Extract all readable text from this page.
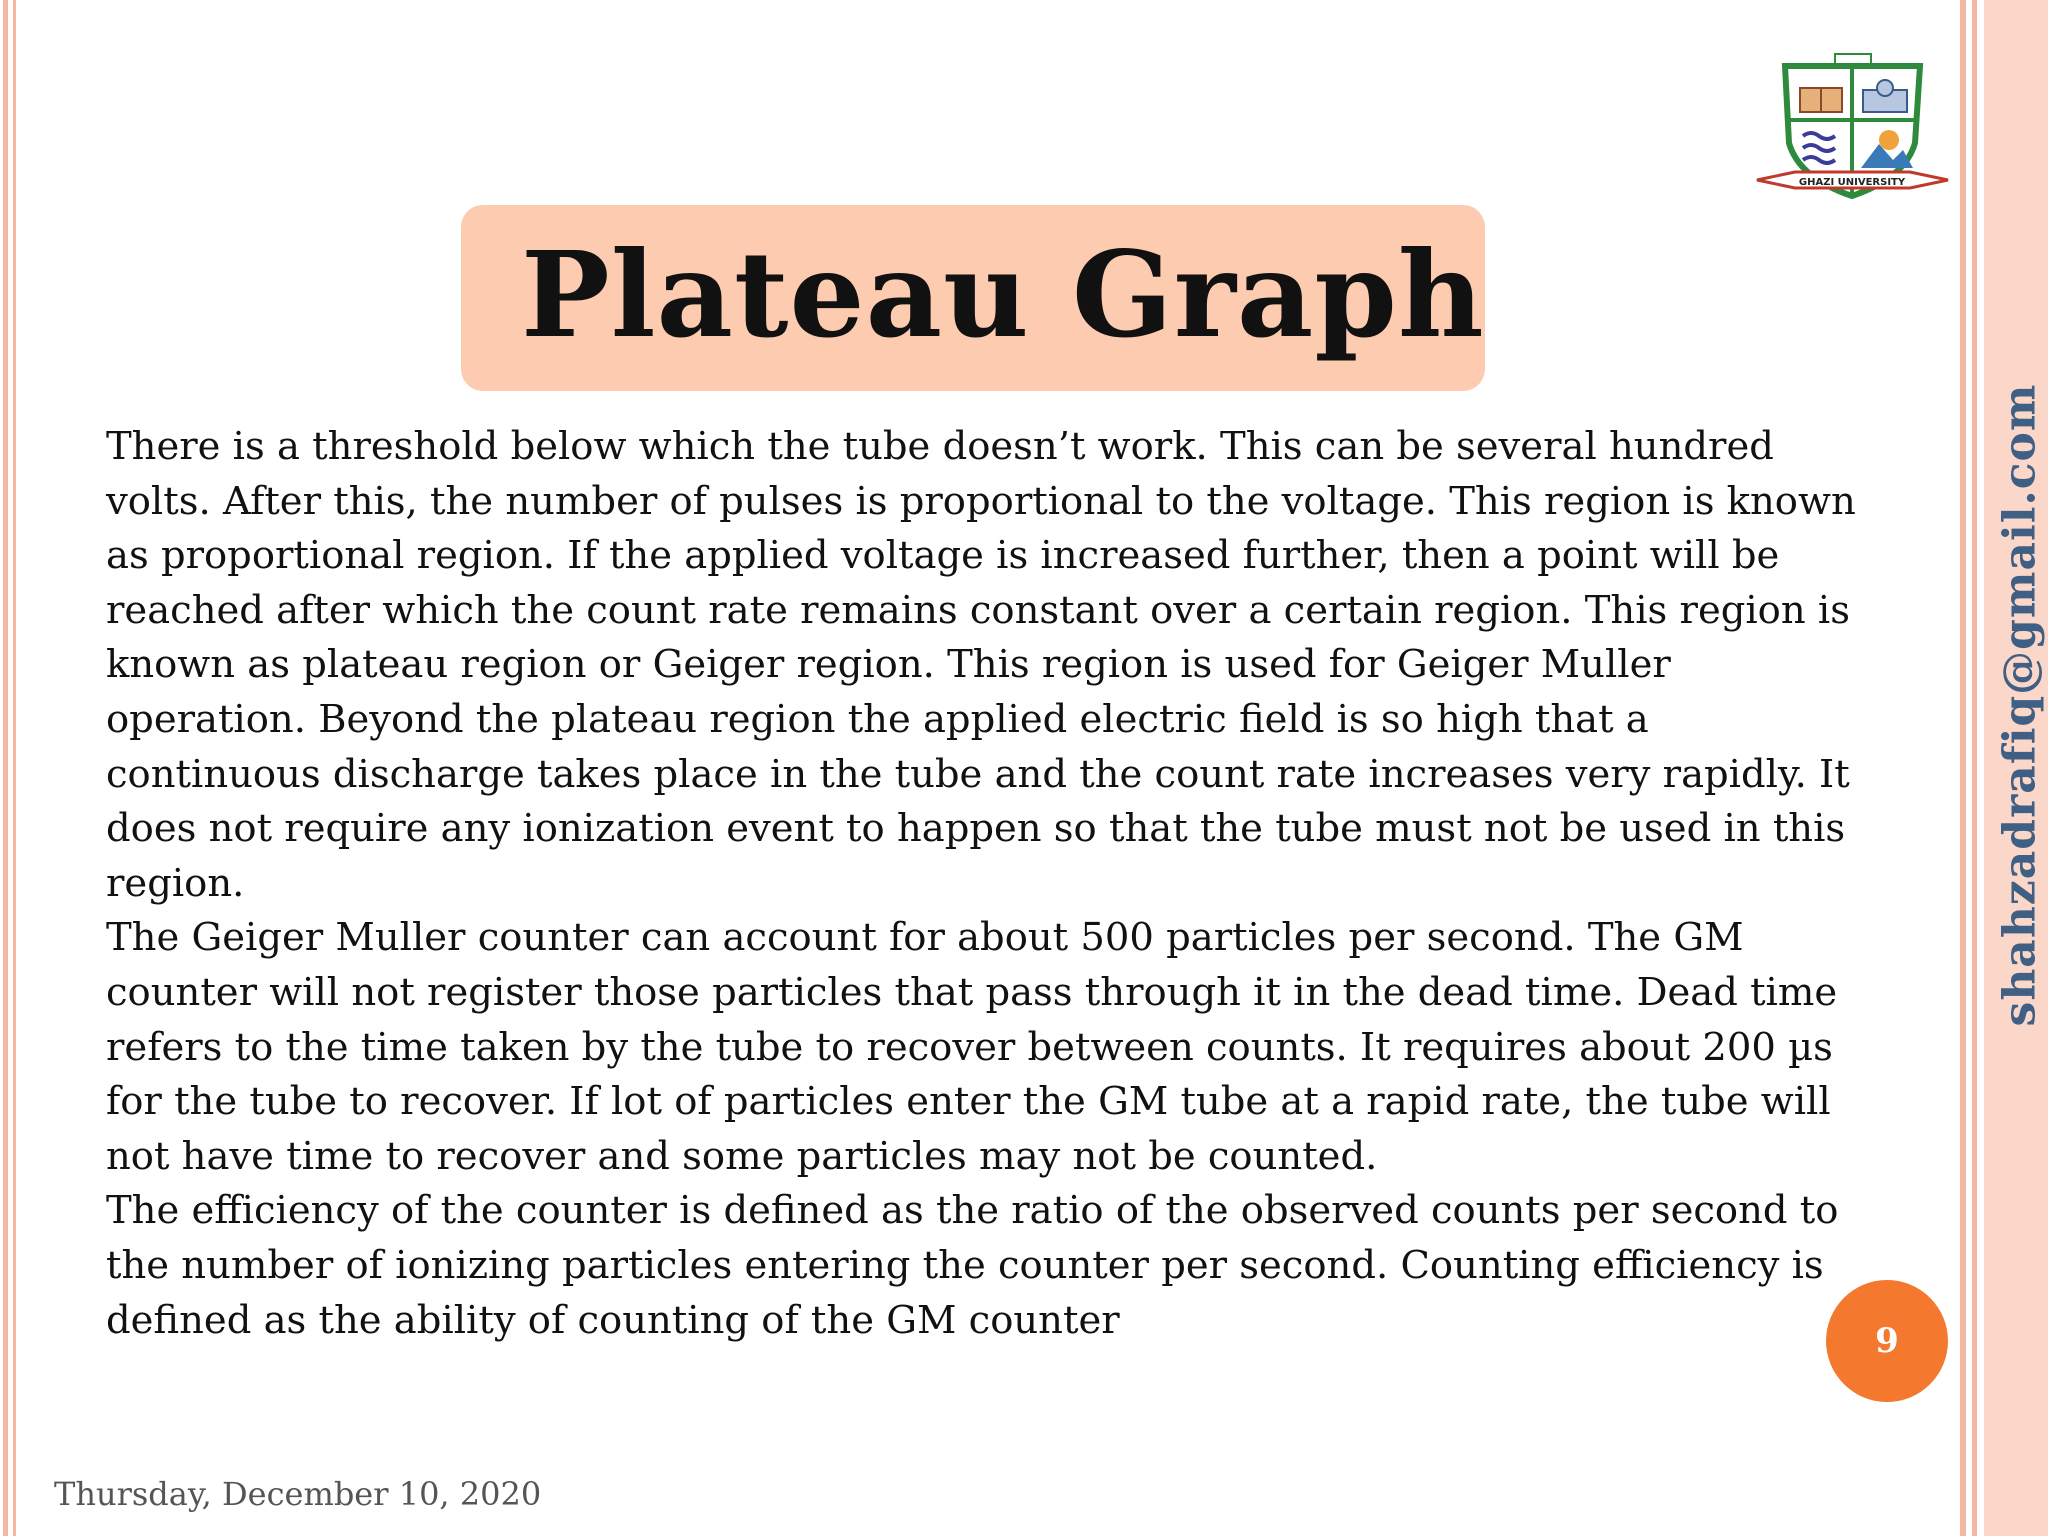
shahzadrafiq@gmail.com
GHAZI UNIVERSITY
Plateau Graph

There is a threshold below which the tube doesn’t work. This can be several hundred volts. After this, the number of pulses is proportional to the voltage. This region is known as proportional region. If the applied voltage is increased further, then a point will be reached after which the count rate remains constant over a certain region. This region is known as plateau region or Geiger region. This region is used for Geiger Muller operation. Beyond the plateau region the applied electric field is so high that a continuous discharge takes place in the tube and the count rate increases very rapidly. It does not require any ionization event to happen so that the tube must not be used in this region.

The Geiger Muller counter can account for about 500 particles per second. The GM counter will not register those particles that pass through it in the dead time. Dead time refers to the time taken by the tube to recover between counts. It requires about 200 µs for the tube to recover. If lot of particles enter the GM tube at a rapid rate, the tube will not have time to recover and some particles may not be counted.

The efficiency of the counter is defined as the ratio of the observed counts per second to the number of ionizing particles entering the counter per second. Counting efficiency is defined as the ability of counting of the GM counter	9
Thursday, December 10, 2020
